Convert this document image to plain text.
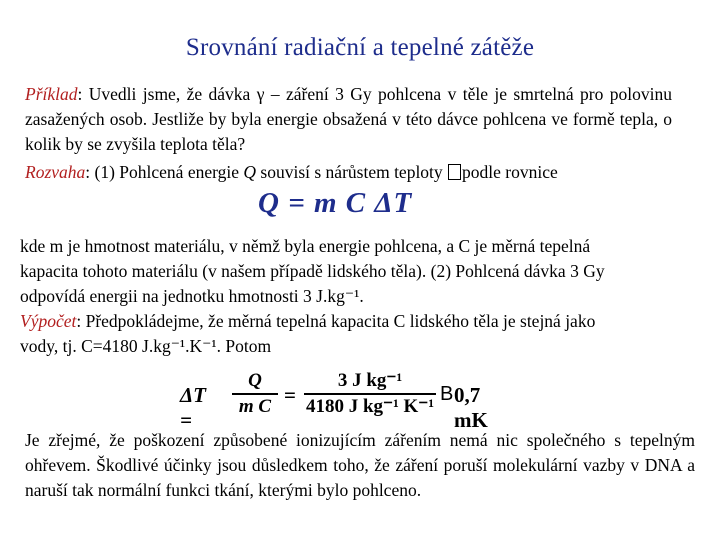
Srovnání radiační a tepelné zátěže
Příklad: Uvedli jsme, že dávka γ – záření 3 Gy pohlcena v těle je smrtelná pro polovinu zasažených osob. Jestliže by byla energie obsažená v této dávce pohlcena ve formě tepla, o kolik by se zvyšila teplota těla?
Rozvaha: (1) Pohlcená energie Q souvisí s nárůstem teploty podle rovnice
Q = m C ΔT
kde m je hmotnost materiálu, v němž byla energie pohlcena, a C je měrná tepelná
kapacita tohoto materiálu (v našem případě lidského těla). (2) Pohlcená dávka 3 Gy
odpovídá energii na jednotku hmotnosti 3 J.kg⁻¹.
Výpočet: Předpokládejme, že měrná tepelná kapacita C lidského těla je stejná jako
vody, tj. C=4180 J.kg⁻¹.K⁻¹. Potom
ΔT =
Q
m C =
3 J kg⁻¹
4180 J kg⁻¹ K⁻¹
B 0,7 mK
Je zřejmé, že poškození způsobené ionizujícím zářením nemá nic společného s tepelným ohřevem. Škodlivé účinky jsou důsledkem toho, že záření poruší molekulární vazby v DNA a naruší tak normální funkci tkání, kterými bylo pohlceno.
